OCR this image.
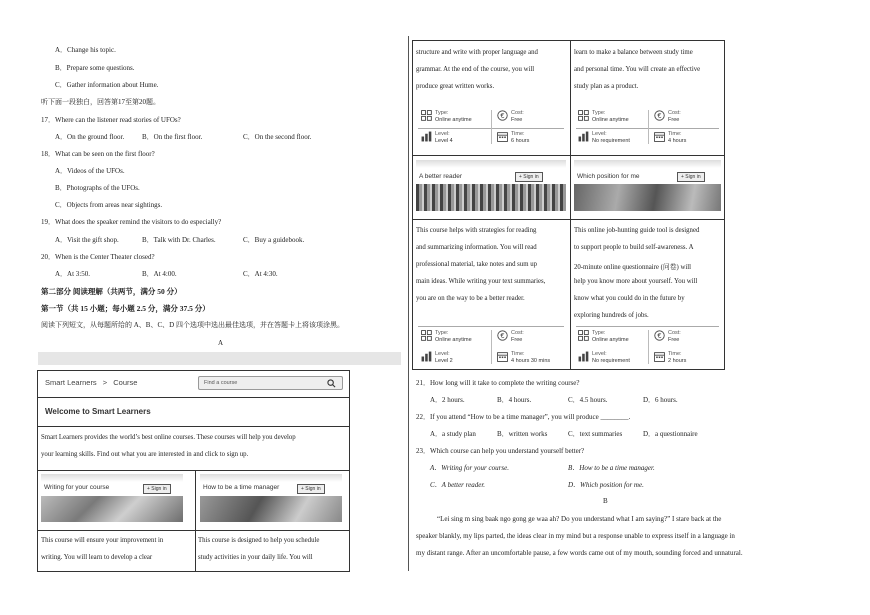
A．Change his topic.
B．Prepare some questions.
C．Gather information about Hume.
听下面一段独白，回答第17至第20题。
17．Where can the listener read stories of UFOs?
A．On the ground floor.	B．On the first floor.	C．On the second floor.
18．What can be seen on the first floor?
A．Videos of the UFOs.
B．Photographs of the UFOs.
C．Objects from areas near sightings.
19．What does the speaker remind the visitors to do especially?
A．Visit the gift shop.	B．Talk with Dr. Charles.	C．Buy a guidebook.
20．When is the Center Theater closed?
A．At 3:50.	B．At 4:00.	C．At 4:30.
第二部分 阅读理解（共两节，满分 50 分）
第一节（共 15 小题；每小题 2.5 分，满分 37.5 分）
阅读下列短文，从每题所给的 A、B、C、D 四个选项中选出最佳选项，并在答题卡上将该项涂黑。
A
Smart Learners > Course	Find a course
Welcome to Smart Learners
Smart Learners provides the world’s best online courses. These courses will help you develop
your learning skills. Find out what you are interested in and click to sign up.
Writing for your course	+ Sign in	How to be a time manager	+ Sign in
This course will ensure your improvement in
writing. You will learn to develop a clear
This course is designed to help you schedule
study activities in your daily life. You will
structure and write with proper language and
grammar. At the end of the course, you will
produce great written works.
learn to make a balance between study time
and personal time. You will create an effective
study plan as a product.
Type:
Online anytime	€ Cost:
Free
Level:
Level 4
Time:
6 hours
Type:
Online anytime	€ Cost:
Free
Level:
No requirement
Time:
4 hours
A better reader	+ Sign in	Which position for me	+ Sign in
This course helps with strategies for reading
and summarizing information. You will read
professional material, take notes and sum up
main ideas. While writing your text summaries,
you are on the way to be a better reader.
This online job-hunting guide tool is designed
to support people to build self-awareness. A
20-minute online questionnaire (问卷) will
help you know more about yourself. You will
know what you could do in the future by
exploring hundreds of jobs.
Type:
Online anytime	€ Cost:
Free
Level:
Level 2
Time:
4 hours 30 mins
Type:
Online anytime	€ Cost:
Free
Level:
No requirement
Time:
2 hours
21．How long will it take to complete the writing course?
A．2 hours.	B．4 hours.	C．4.5 hours.	D．6 hours.
22．If you attend “How to be a time manager”, you will produce ________.
A．a study plan	B．written works	C．text summaries	D．a questionnaire
23．Which course can help you understand yourself better?
A．Writing for your course.	B．How to be a time manager.
C．A better reader.	D．Which position for me.
B
“Lei sing m sing baak ngo gong ge waa ah? Do you understand what I am saying?” I stare back at the
speaker blankly, my lips parted, the ideas clear in my mind but a response unable to express itself in a language in
my distant range. After an uncomfortable pause, a few words came out of my mouth, sounding forced and unnatural.
